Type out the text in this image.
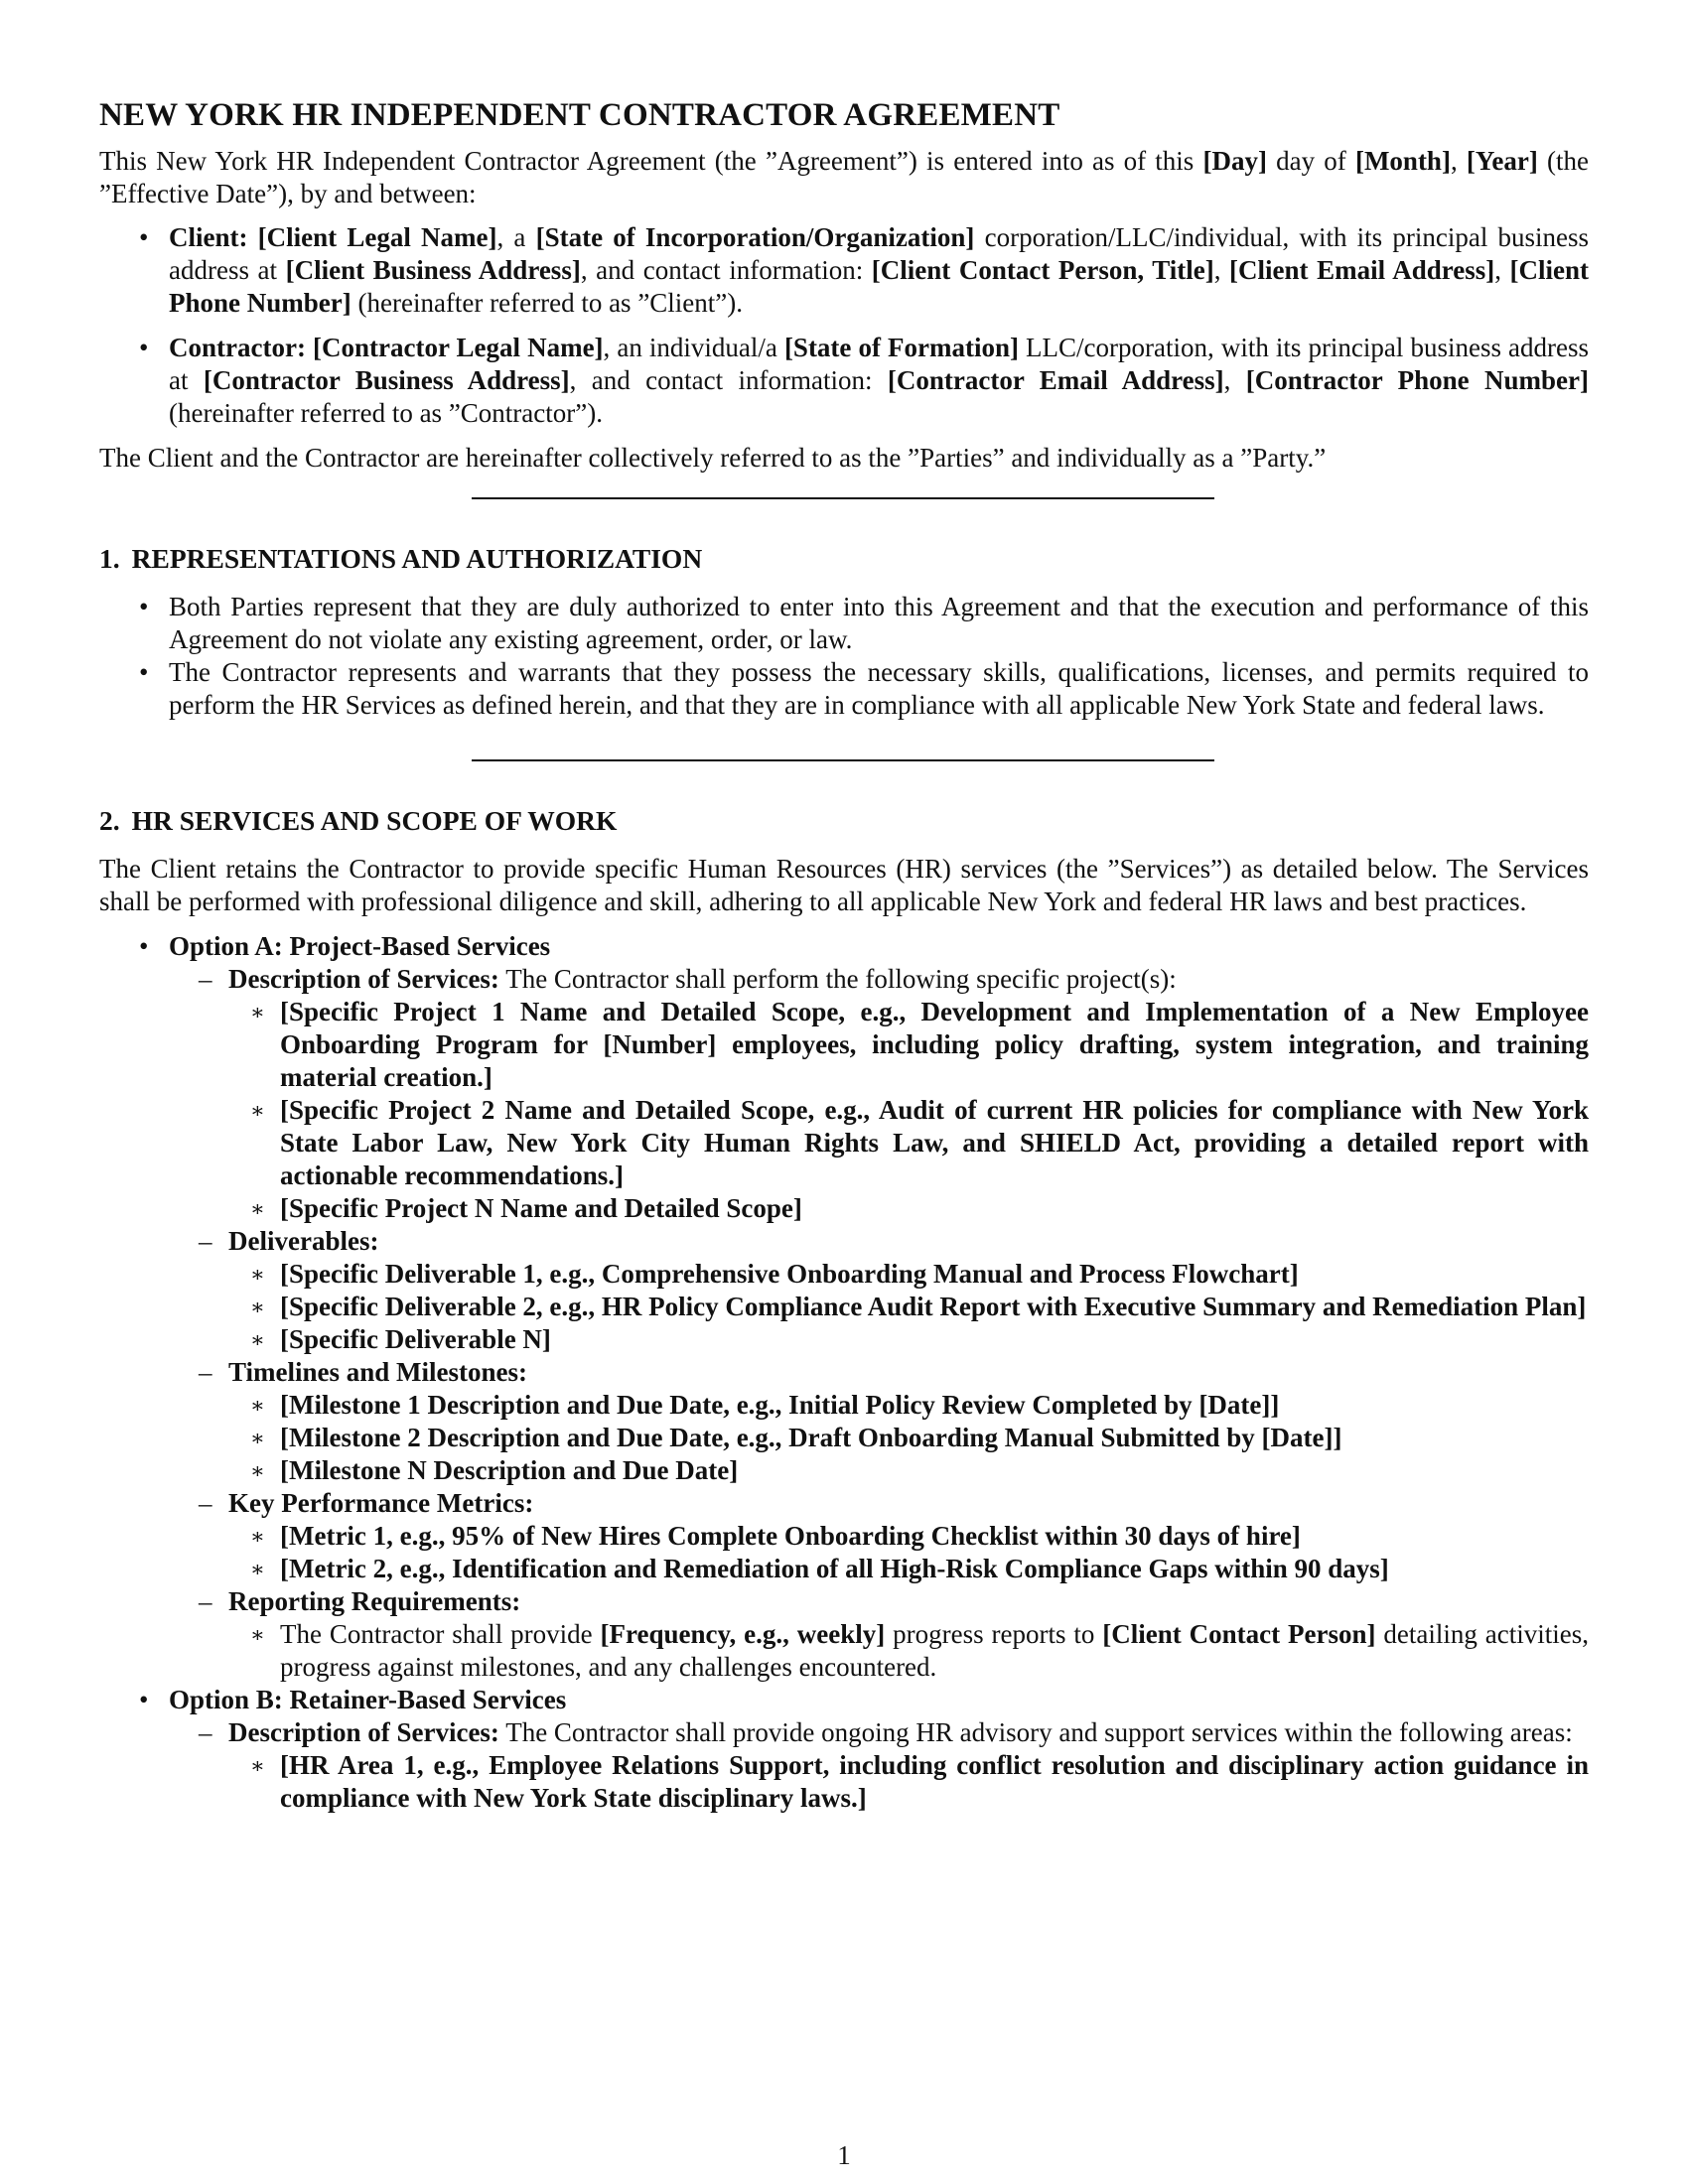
NEW YORK HR INDEPENDENT CONTRACTOR AGREEMENT

This New York HR Independent Contractor Agreement (the ”Agreement”) is entered into as of this [Day] day of [Month], [Year] (the ”Effective Date”), by and between:

• Client: [Client Legal Name], a [State of Incorporation/Organization] corporation/LLC/individual, with its principal business address at [Client Business Address], and contact information: [Client Contact Person, Title], [Client Email Address], [Client Phone Number] (hereinafter referred to as ”Client”).
• Contractor: [Contractor Legal Name], an individual/a [State of Formation] LLC/corporation, with its principal business address at [Contractor Business Address], and contact information: [Contractor Email Address], [Contractor Phone Number] (hereinafter referred to as ”Contractor”).

The Client and the Contractor are hereinafter collectively referred to as the ”Parties” and individually as a ”Party.”

1. REPRESENTATIONS AND AUTHORIZATION
• Both Parties represent that they are duly authorized to enter into this Agreement and that the execution and performance of this Agreement do not violate any existing agreement, order, or law.
• The Contractor represents and warrants that they possess the necessary skills, qualifications, licenses, and permits required to perform the HR Services as defined herein, and that they are in compliance with all applicable New York State and federal laws.
2. HR SERVICES AND SCOPE OF WORK

The Client retains the Contractor to provide specific Human Resources (HR) services (the ”Services”) as detailed below. The Services shall be performed with professional diligence and skill, adhering to all applicable New York and federal HR laws and best practices.

• Option A: Project-Based Services
– Description of Services: The Contractor shall perform the following specific project(s):
∗ [Specific Project 1 Name and Detailed Scope, e.g., Development and Implementation of a New Employee Onboarding Program for [Number] employees, including policy drafting, system integration, and training material creation.]
∗ [Specific Project 2 Name and Detailed Scope, e.g., Audit of current HR policies for compliance with New York State Labor Law, New York City Human Rights Law, and SHIELD Act, providing a detailed report with actionable recommendations.]
∗ [Specific Project N Name and Detailed Scope]
– Deliverables:
∗ [Specific Deliverable 1, e.g., Comprehensive Onboarding Manual and Process Flowchart]
∗ [Specific Deliverable 2, e.g., HR Policy Compliance Audit Report with Executive Summary and Remediation Plan]
∗ [Specific Deliverable N]
– Timelines and Milestones:
∗ [Milestone 1 Description and Due Date, e.g., Initial Policy Review Completed by [Date]]
∗ [Milestone 2 Description and Due Date, e.g., Draft Onboarding Manual Submitted by [Date]]
∗ [Milestone N Description and Due Date]
– Key Performance Metrics:
∗ [Metric 1, e.g., 95% of New Hires Complete Onboarding Checklist within 30 days of hire]
∗ [Metric 2, e.g., Identification and Remediation of all High-Risk Compliance Gaps within 90 days]
– Reporting Requirements:
∗ The Contractor shall provide [Frequency, e.g., weekly] progress reports to [Client Contact Person] detailing activities, progress against milestones, and any challenges encountered.
• Option B: Retainer-Based Services
– Description of Services: The Contractor shall provide ongoing HR advisory and support services within the following areas:
∗ [HR Area 1, e.g., Employee Relations Support, including conflict resolution and disciplinary action guidance in compliance with New York State disciplinary laws.]
1
